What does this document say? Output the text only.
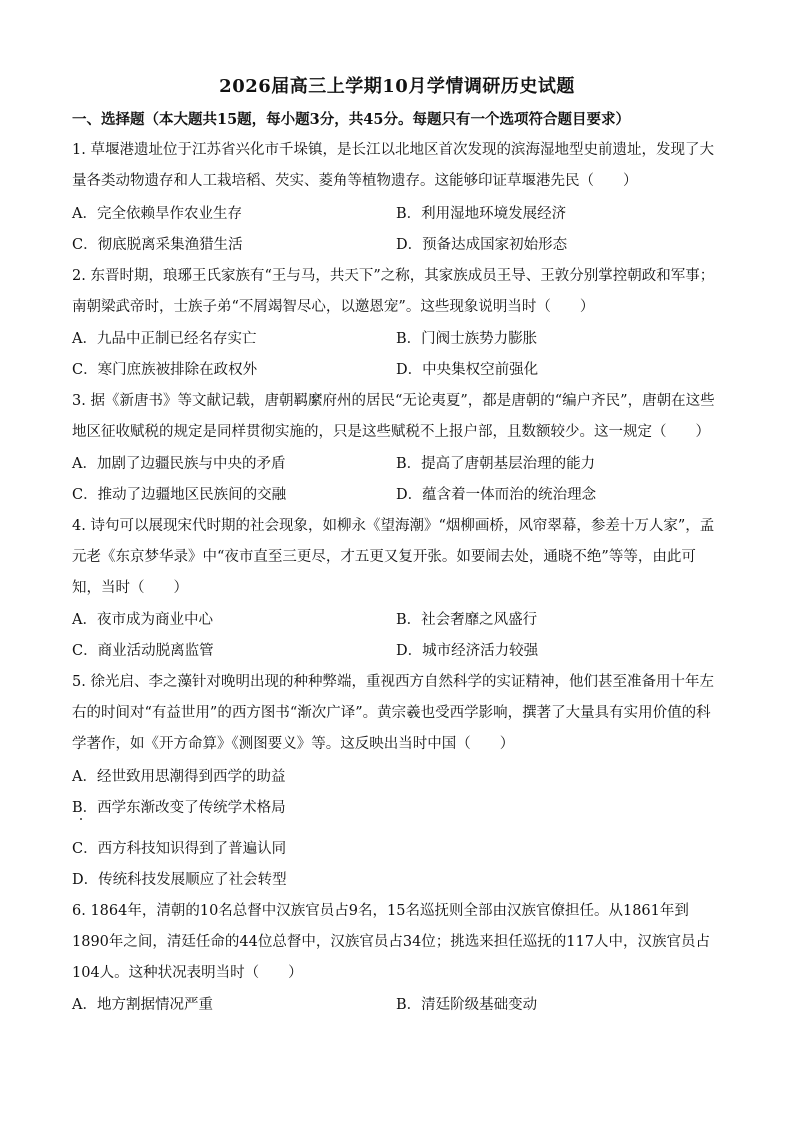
2026届高三上学期10月学情调研历史试题
一、选择题（本大题共15题，每小题3分，共45分。每题只有一个选项符合题目要求）
1. 草堰港遗址位于江苏省兴化市千垛镇，是长江以北地区首次发现的滨海湿地型史前遗址，发现了大量各类动物遗存和人工栽培稻、芡实、菱角等植物遗存。这能够印证草堰港先民（　　）
A．完全依赖旱作农业生存	B．利用湿地环境发展经济
C．彻底脱离采集渔猎生活	D．预备达成国家初始形态
2. 东晋时期，琅琊王氏家族有“王与马，共天下”之称，其家族成员王导、王敦分别掌控朝政和军事；南朝梁武帝时，士族子弟“不屑竭智尽心，以邀恩宠”。这些现象说明当时（　　）
A．九品中正制已经名存实亡	B．门阀士族势力膨胀
C．寒门庶族被排除在政权外	D．中央集权空前强化
3. 据《新唐书》等文献记载，唐朝羁縻府州的居民“无论夷夏”，都是唐朝的“编户齐民”，唐朝在这些地区征收赋税的规定是同样贯彻实施的，只是这些赋税不上报户部，且数额较少。这一规定（　　）
A．加剧了边疆民族与中央的矛盾	B．提高了唐朝基层治理的能力
C．推动了边疆地区民族间的交融	D．蕴含着一体而治的统治理念
4. 诗句可以展现宋代时期的社会现象，如柳永《望海潮》“烟柳画桥，风帘翠幕，参差十万人家”，孟元老《东京梦华录》中“夜市直至三更尽，才五更又复开张。如要闹去处，通晓不绝”等等，由此可知，当时（　　）
A．夜市成为商业中心	B．社会奢靡之风盛行
C．商业活动脱离监管	D．城市经济活力较强
5. 徐光启、李之藻针对晚明出现的种种弊端，重视西方自然科学的实证精神，他们甚至准备用十年左右的时间对“有益世用”的西方图书“渐次广译”。黄宗羲也受西学影响，撰著了大量具有实用价值的科学著作，如《开方命算》《测图要义》等。这反映出当时中国（　　）
A．经世致用思潮得到西学的助益
B．西学东渐改变了传统学术格局
C．西方科技知识得到了普遍认同
D．传统科技发展顺应了社会转型
6. 1864年，清朝的10名总督中汉族官员占9名，15名巡抚则全部由汉族官僚担任。从1861年到1890年之间，清廷任命的44位总督中，汉族官员占34位；挑选来担任巡抚的117人中，汉族官员占104人。这种状况表明当时（　　）
A．地方割据情况严重	B．清廷阶级基础变动
